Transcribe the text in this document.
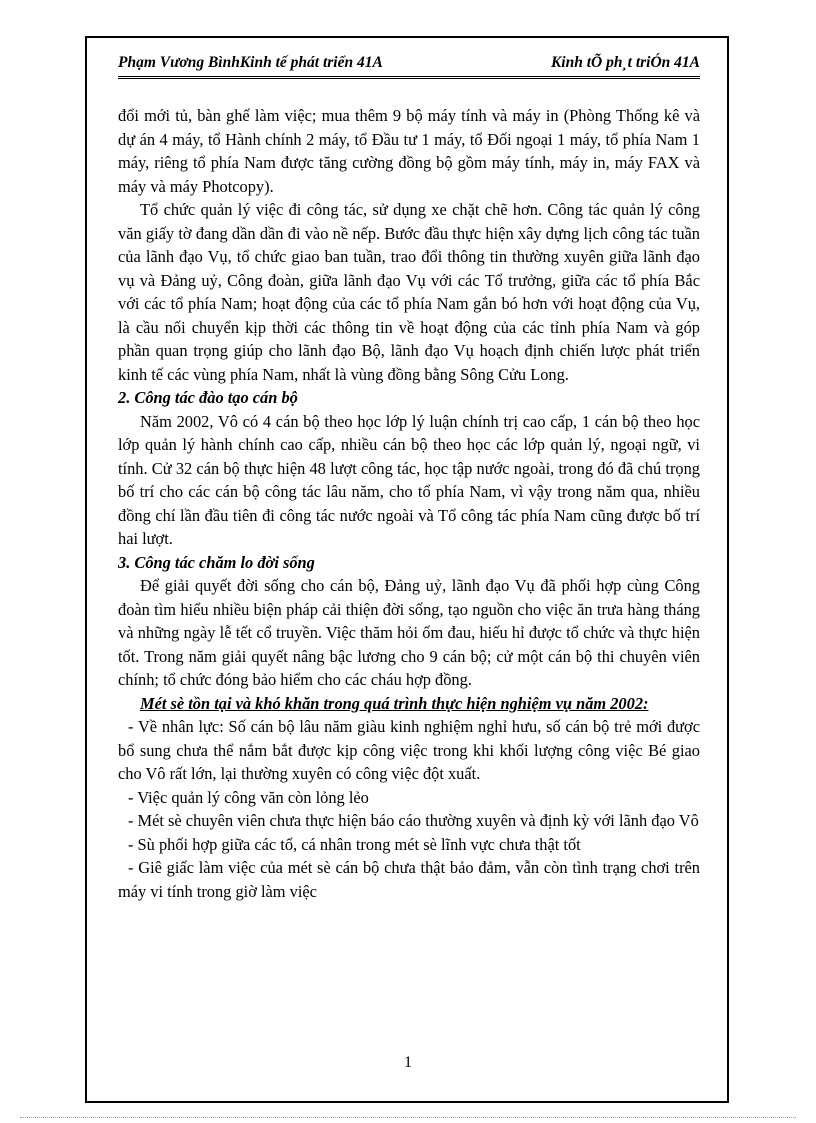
Phạm Vương BìnhKinh tế phát triển 41A	Kinh tÕ ph¸t triÓn 41A

đổi mới tủ, bàn ghế làm việc; mua thêm 9 bộ máy tính và máy in (Phòng Thống kê và dự án 4 máy, tổ Hành chính 2 máy, tổ Đầu tư 1 máy, tổ Đối ngoại 1 máy, tổ phía Nam 1 máy, riêng tổ phía Nam được tăng cường đồng bộ gồm máy tính, máy in, máy FAX và máy và máy Photcopy).

Tổ chức quản lý việc đi công tác, sử dụng xe chặt chẽ hơn. Công tác quản lý công văn giấy tờ đang dần dần đi vào nề nếp. Bước đầu thực hiện xây dựng lịch công tác tuần của lãnh đạo Vụ, tổ chức giao ban tuần, trao đổi thông tin thường xuyên giữa lãnh đạo vụ và Đảng uỷ, Công đoàn, giữa lãnh đạo Vụ với các Tổ trưởng, giữa các tổ phía Bắc với các tổ phía Nam; hoạt động của các tổ phía Nam gắn bó hơn với hoạt động của Vụ, là cầu nối chuyển kịp thời các thông tin về hoạt động của các tỉnh phía Nam và góp phần quan trọng giúp cho lãnh đạo Bộ, lãnh đạo Vụ hoạch định chiến lược phát triển kinh tế các vùng phía Nam, nhất là vùng đồng bằng Sông Cửu Long.

2. Công tác đào tạo cán bộ

Năm 2002, Vô có 4 cán bộ theo học lớp lý luận chính trị cao cấp, 1 cán bộ theo học lớp quản lý hành chính cao cấp, nhiều cán bộ theo học các lớp quản lý, ngoại ngữ, vi tính. Cử 32 cán bộ thực hiện 48 lượt công tác, học tập nước ngoài, trong đó đã chú trọng bố trí cho các cán bộ công tác lâu năm, cho tổ phía Nam, vì vậy trong năm qua, nhiều đồng chí lần đầu tiên đi công tác nước ngoài và Tổ công tác phía Nam cũng được bố trí hai lượt.

3. Công tác chăm lo đời sống

Để giải quyết đời sống cho cán bộ, Đảng uỷ, lãnh đạo Vụ đã phối hợp cùng Công đoàn tìm hiểu nhiều biện pháp cải thiện đời sống, tạo nguồn cho việc ăn trưa hàng tháng và những ngày lễ tết cổ truyền. Việc thăm hỏi ốm đau, hiếu hỉ được tổ chức và thực hiện tốt. Trong năm giải quyết nâng bậc lương cho 9 cán bộ; cử một cán bộ thi chuyên viên chính; tổ chức đóng bảo hiểm cho các cháu hợp đồng.

Mét sè tồn tại và khó khăn trong quá trình thực hiện nghiệm vụ năm 2002:

- Về nhân lực: Số cán bộ lâu năm giàu kinh nghiệm nghỉ hưu, số cán bộ trẻ mới được bổ sung chưa thể nắm bắt được kịp công việc trong khi khối lượng công việc Bé giao cho Vô rất lớn, lại thường xuyên có công việc đột xuất.

- Việc quản lý công văn còn lỏng lẻo

- Mét sè chuyên viên chưa thực hiện báo cáo thường xuyên và định kỳ với lãnh đạo Vô

- Sù phối hợp giữa các tổ, cá nhân trong mét sè lĩnh vực chưa thật tốt

- Giê giấc làm việc của mét sè cán bộ chưa thật bảo đảm, vẫn còn tình trạng chơi trên máy vi tính trong giờ làm việc

1
